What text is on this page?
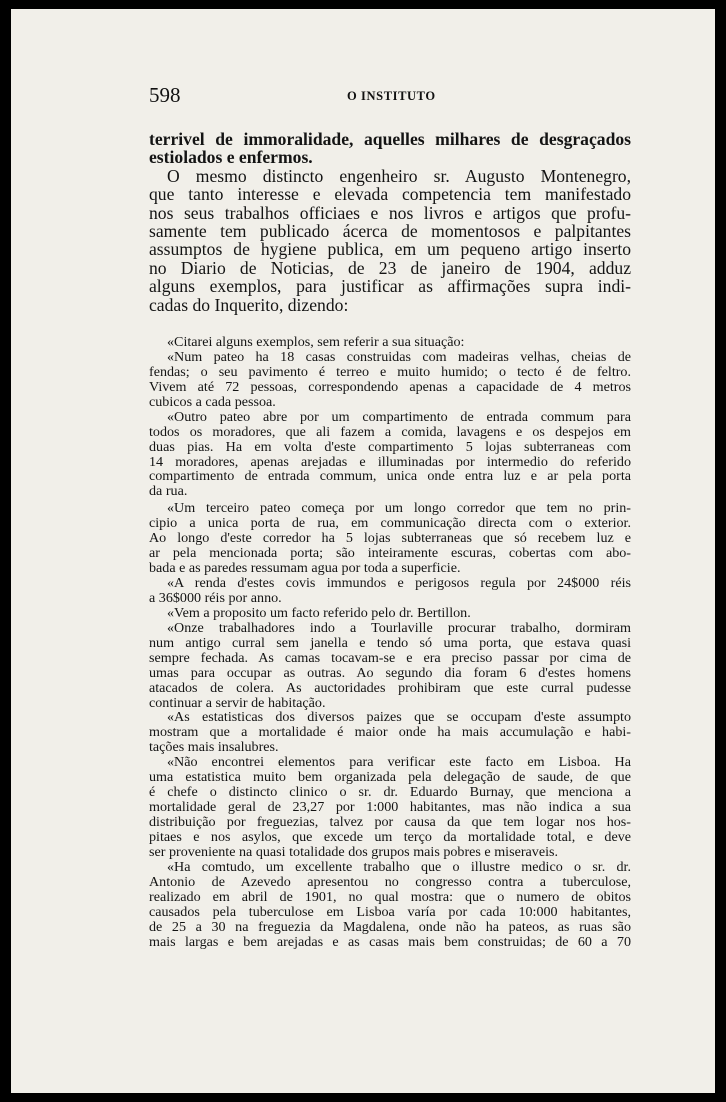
598	O INSTITUTO
terrivel de immoralidade, aquelles milhares de desgraçados
estiolados e enfermos.
O mesmo distincto engenheiro sr. Augusto Montenegro,
que tanto interesse e elevada competencia tem manifestado
nos seus trabalhos officiaes e nos livros e artigos que profu-
samente tem publicado ácerca de momentosos e palpitantes
assumptos de hygiene publica, em um pequeno artigo inserto
no Diario de Noticias, de 23 de janeiro de 1904, adduz
alguns exemplos, para justificar as affirmações supra indi-
cadas do Inquerito, dizendo:
«Citarei alguns exemplos, sem referir a sua situação:
«Num pateo ha 18 casas construidas com madeiras velhas, cheias de
fendas; o seu pavimento é terreo e muito humido; o tecto é de feltro.
Vivem até 72 pessoas, correspondendo apenas a capacidade de 4 metros
cubicos a cada pessoa.
«Outro pateo abre por um compartimento de entrada commum para
todos os moradores, que ali fazem a comida, lavagens e os despejos em
duas pias. Ha em volta d'este compartimento 5 lojas subterraneas com
14 moradores, apenas arejadas e illuminadas por intermedio do referido
compartimento de entrada commum, unica onde entra luz e ar pela porta
da rua.
«Um terceiro pateo começa por um longo corredor que tem no prin-
cipio a unica porta de rua, em communicação directa com o exterior.
Ao longo d'este corredor ha 5 lojas subterraneas que só recebem luz e
ar pela mencionada porta; são inteiramente escuras, cobertas com abo-
bada e as paredes ressumam agua por toda a superficie.
«A renda d'estes covis immundos e perigosos regula por 24$000 réis
a 36$000 réis por anno.
«Vem a proposito um facto referido pelo dr. Bertillon.
«Onze trabalhadores indo a Tourlaville procurar trabalho, dormiram
num antigo curral sem janella e tendo só uma porta, que estava quasi
sempre fechada. As camas tocavam-se e era preciso passar por cima de
umas para occupar as outras. Ao segundo dia foram 6 d'estes homens
atacados de colera. As auctoridades prohibiram que este curral pudesse
continuar a servir de habitação.
«As estatisticas dos diversos paizes que se occupam d'este assumpto
mostram que a mortalidade é maior onde ha mais accumulação e habi-
tações mais insalubres.
«Não encontrei elementos para verificar este facto em Lisboa. Ha
uma estatistica muito bem organizada pela delegação de saude, de que
é chefe o distincto clinico o sr. dr. Eduardo Burnay, que menciona a
mortalidade geral de 23,27 por 1:000 habitantes, mas não indica a sua
distribuição por freguezias, talvez por causa da que tem logar nos hos-
pitaes e nos asylos, que excede um terço da mortalidade total, e deve
ser proveniente na quasi totalidade dos grupos mais pobres e miseraveis.
«Ha comtudo, um excellente trabalho que o illustre medico o sr. dr.
Antonio de Azevedo apresentou no congresso contra a tuberculose,
realizado em abril de 1901, no qual mostra: que o numero de obitos
causados pela tuberculose em Lisboa varía por cada 10:000 habitantes,
de 25 a 30 na freguezia da Magdalena, onde não ha pateos, as ruas são
mais largas e bem arejadas e as casas mais bem construidas; de 60 a 70
